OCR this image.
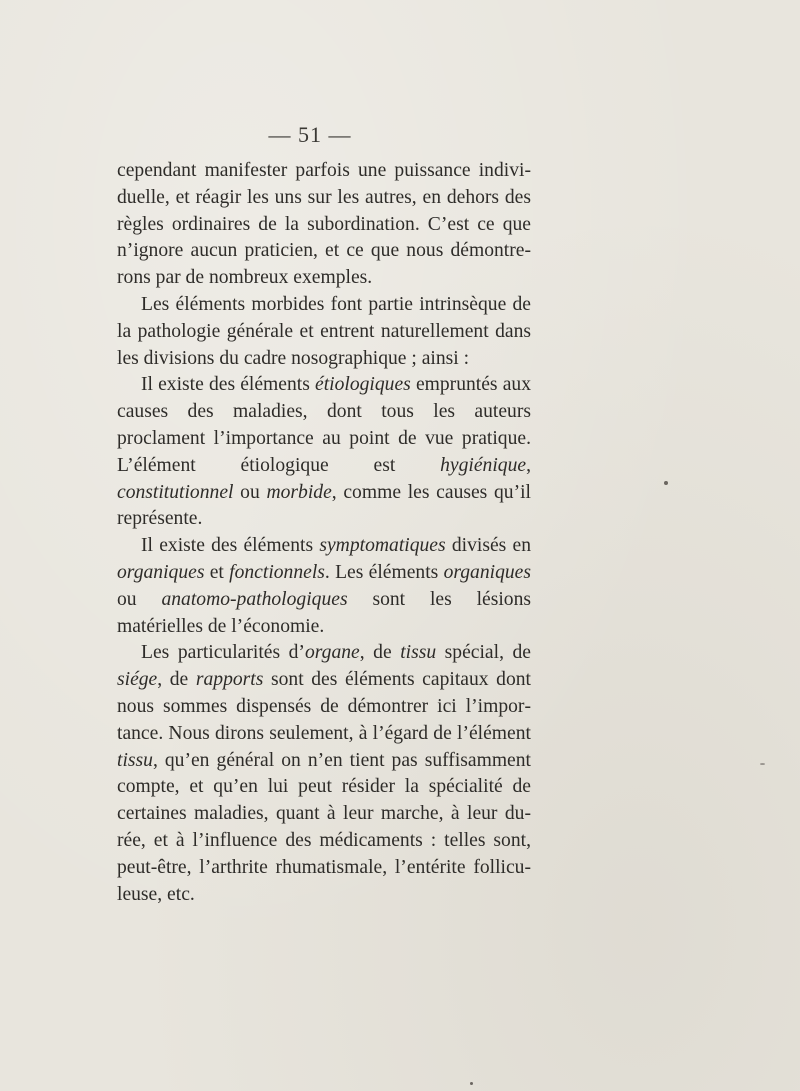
— 51 —

cependant manifester parfois une puissance individuelle, et réagir les uns sur les autres, en dehors des règles ordinaires de la subordination. C’est ce que n’ignore aucun praticien, et ce que nous démontrerons par de nombreux exemples.

Les éléments morbides font partie intrinsèque de la pathologie générale et entrent naturellement dans les divisions du cadre nosographique ; ainsi :

Il existe des éléments étiologiques empruntés aux causes des maladies, dont tous les auteurs proclament l’importance au point de vue pratique. L’élément étiologique est hygiénique, constitutionnel ou morbide, comme les causes qu’il représente.

Il existe des éléments symptomatiques divisés en organiques et fonctionnels. Les éléments organiques ou anatomo-pathologiques sont les lésions matérielles de l’économie.

Les particularités d’organe, de tissu spécial, de siége, de rapports sont des éléments capitaux dont nous sommes dispensés de démontrer ici l’importance. Nous dirons seulement, à l’égard de l’élément tissu, qu’en général on n’en tient pas suffisamment compte, et qu’en lui peut résider la spécialité de certaines maladies, quant à leur marche, à leur durée, et à l’influence des médicaments : telles sont, peut-être, l’arthrite rhumatismale, l’entérite folliculeuse, etc.
